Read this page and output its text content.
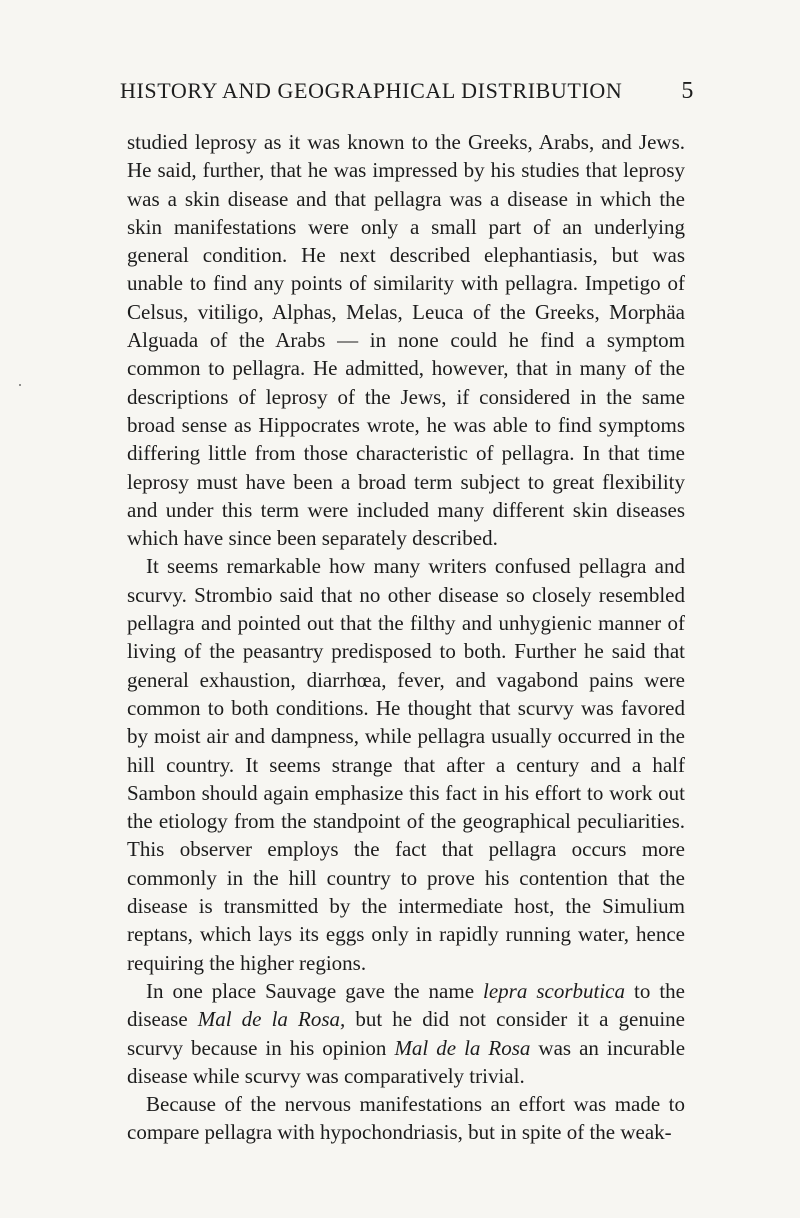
HISTORY AND GEOGRAPHICAL DISTRIBUTION 5

studied leprosy as it was known to the Greeks, Arabs, and Jews. He said, further, that he was impressed by his studies that leprosy was a skin disease and that pellagra was a disease in which the skin manifestations were only a small part of an underlying general condition. He next described elephantiasis, but was unable to find any points of similarity with pellagra. Impetigo of Celsus, vitiligo, Alphas, Melas, Leuca of the Greeks, Morphäa Alguada of the Arabs — in none could he find a symptom common to pellagra. He admitted, however, that in many of the descriptions of leprosy of the Jews, if considered in the same broad sense as Hippocrates wrote, he was able to find symptoms differing little from those characteristic of pellagra. In that time leprosy must have been a broad term subject to great flexibility and under this term were included many different skin diseases which have since been separately described.

It seems remarkable how many writers confused pellagra and scurvy. Strombio said that no other disease so closely resembled pellagra and pointed out that the filthy and unhygienic manner of living of the peasantry predisposed to both. Further he said that general exhaustion, diarrhœa, fever, and vagabond pains were common to both conditions. He thought that scurvy was favored by moist air and dampness, while pellagra usually occurred in the hill country. It seems strange that after a century and a half Sambon should again emphasize this fact in his effort to work out the etiology from the standpoint of the geographical peculiarities. This observer employs the fact that pellagra occurs more commonly in the hill country to prove his contention that the disease is transmitted by the intermediate host, the Simulium reptans, which lays its eggs only in rapidly running water, hence requiring the higher regions.

In one place Sauvage gave the name lepra scorbutica to the disease Mal de la Rosa, but he did not consider it a genuine scurvy because in his opinion Mal de la Rosa was an incurable disease while scurvy was comparatively trivial.

Because of the nervous manifestations an effort was made to compare pellagra with hypochondriasis, but in spite of the weak-
